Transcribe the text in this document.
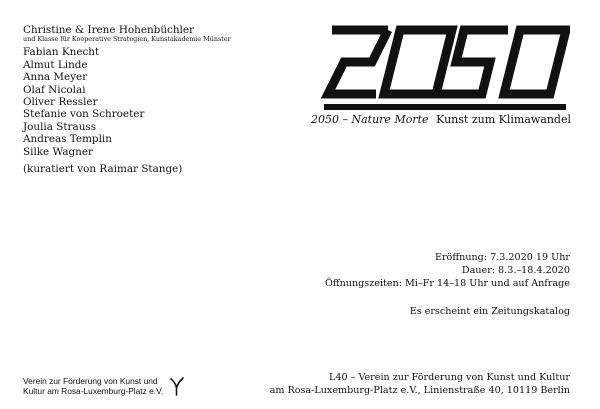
Christine & Irene Hohenbüchler
und Klasse für Kooperative Strategien, Kunstakademie Münster
Fabian Knecht
Almut Linde
Anna Meyer
Olaf Nicolai
Oliver Ressler
Stefanie von Schroeter
Joulia Strauss
Andreas Templin
Silke Wagner
(kuratiert von Raimar Stange)
2050 – Nature Morte Kunst zum Klimawandel
Eröffnung: 7.3.2020 19 Uhr
Dauer: 8.3.–18.4.2020
Öffnungszeiten: Mi–Fr 14–18 Uhr und auf Anfrage
Es erscheint ein Zeitungskatalog
Verein zur Förderung von Kunst und
Kultur am Rosa-Luxemburg-Platz e.V.
L40 – Verein zur Förderung von Kunst und Kultur
am Rosa-Luxemburg-Platz e.V., Linienstraße 40, 10119 Berlin
